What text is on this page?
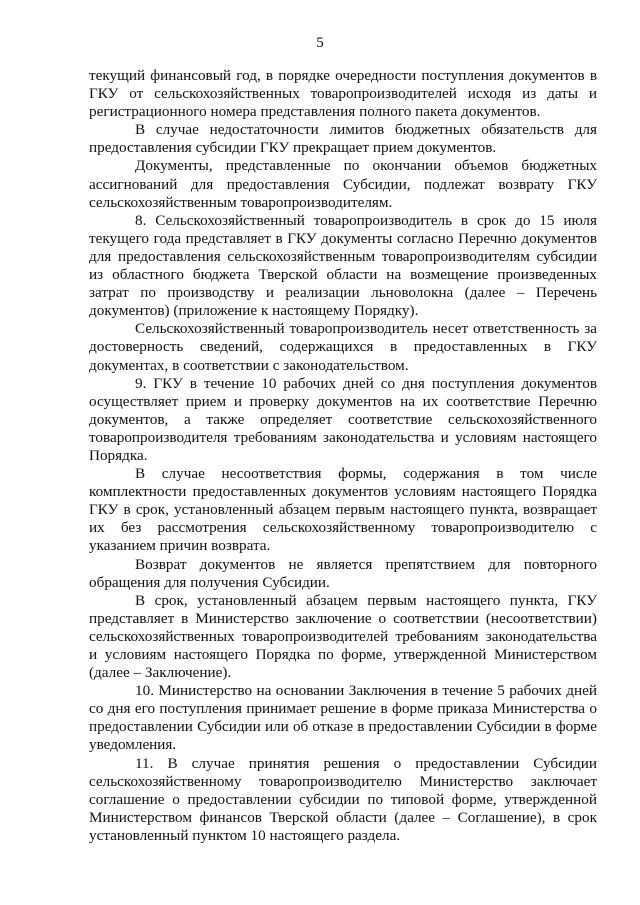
5

текущий финансовый год, в порядке очередности поступления документов в ГКУ от сельскохозяйственных товаропроизводителей исходя из даты и регистрационного номера представления полного пакета документов.

В случае недостаточности лимитов бюджетных обязательств для предоставления субсидии ГКУ прекращает прием документов.

Документы, представленные по окончании объемов бюджетных ассигнований для предоставления Субсидии, подлежат возврату ГКУ сельскохозяйственным товаропроизводителям.

8. Сельскохозяйственный товаропроизводитель в срок до 15 июля текущего года представляет в ГКУ документы согласно Перечню документов для предоставления сельскохозяйственным товаропроизводителям субсидии из областного бюджета Тверской области на возмещение произведенных затрат по производству и реализации льноволокна (далее – Перечень документов) (приложение к настоящему Порядку).

Сельскохозяйственный товаропроизводитель несет ответственность за достоверность сведений, содержащихся в предоставленных в ГКУ документах, в соответствии с законодательством.

9. ГКУ в течение 10 рабочих дней со дня поступления документов осуществляет прием и проверку документов на их соответствие Перечню документов, а также определяет соответствие сельскохозяйственного товаропроизводителя требованиям законодательства и условиям настоящего Порядка.

В случае несоответствия формы, содержания в том числе комплектности предоставленных документов условиям настоящего Порядка ГКУ в срок, установленный абзацем первым настоящего пункта, возвращает их без рассмотрения сельскохозяйственному товаропроизводителю с указанием причин возврата.

Возврат документов не является препятствием для повторного обращения для получения Субсидии.

В срок, установленный абзацем первым настоящего пункта, ГКУ представляет в Министерство заключение о соответствии (несоответствии) сельскохозяйственных товаропроизводителей требованиям законодательства и условиям настоящего Порядка по форме, утвержденной Министерством (далее – Заключение).

10. Министерство на основании Заключения в течение 5 рабочих дней со дня его поступления принимает решение в форме приказа Министерства о предоставлении Субсидии или об отказе в предоставлении Субсидии в форме уведомления.

11. В случае принятия решения о предоставлении Субсидии сельскохозяйственному товаропроизводителю Министерство заключает соглашение о предоставлении субсидии по типовой форме, утвержденной Министерством финансов Тверской области (далее – Соглашение), в срок установленный пунктом 10 настоящего раздела.
